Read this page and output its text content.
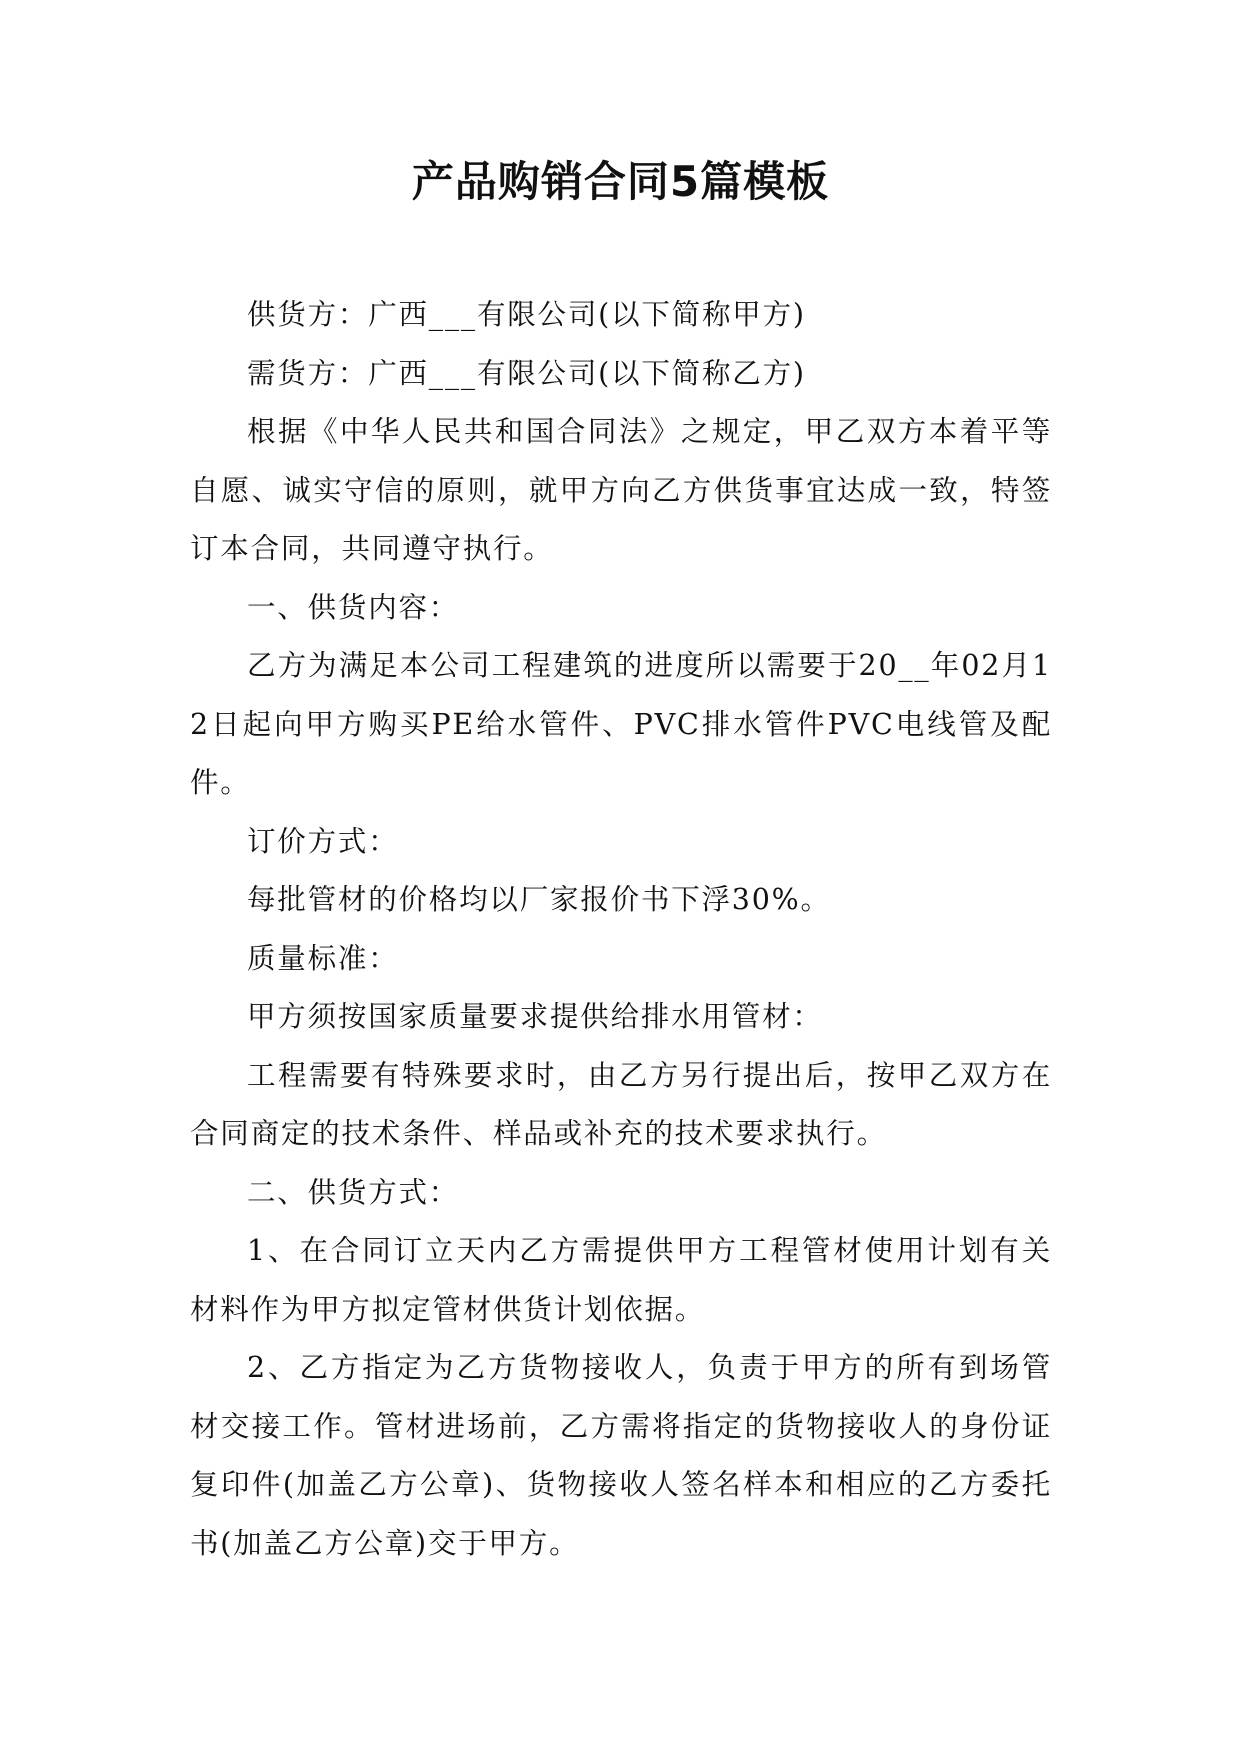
产品购销合同5篇模板

供货方：广西___有限公司(以下简称甲方)

需货方：广西___有限公司(以下简称乙方)

根据《中华人民共和国合同法》之规定，甲乙双方本着平等自愿、诚实守信的原则，就甲方向乙方供货事宜达成一致，特签订本合同，共同遵守执行。

一、供货内容：

乙方为满足本公司工程建筑的进度所以需要于20__年02月12日起向甲方购买PE给水管件、PVC排水管件PVC电线管及配件。

订价方式：

每批管材的价格均以厂家报价书下浮30%。

质量标准：

甲方须按国家质量要求提供给排水用管材：

工程需要有特殊要求时，由乙方另行提出后，按甲乙双方在合同商定的技术条件、样品或补充的技术要求执行。

二、供货方式：

1、在合同订立天内乙方需提供甲方工程管材使用计划有关材料作为甲方拟定管材供货计划依据。

2、乙方指定为乙方货物接收人，负责于甲方的所有到场管材交接工作。管材进场前，乙方需将指定的货物接收人的身份证复印件(加盖乙方公章)、货物接收人签名样本和相应的乙方委托书(加盖乙方公章)交于甲方。
